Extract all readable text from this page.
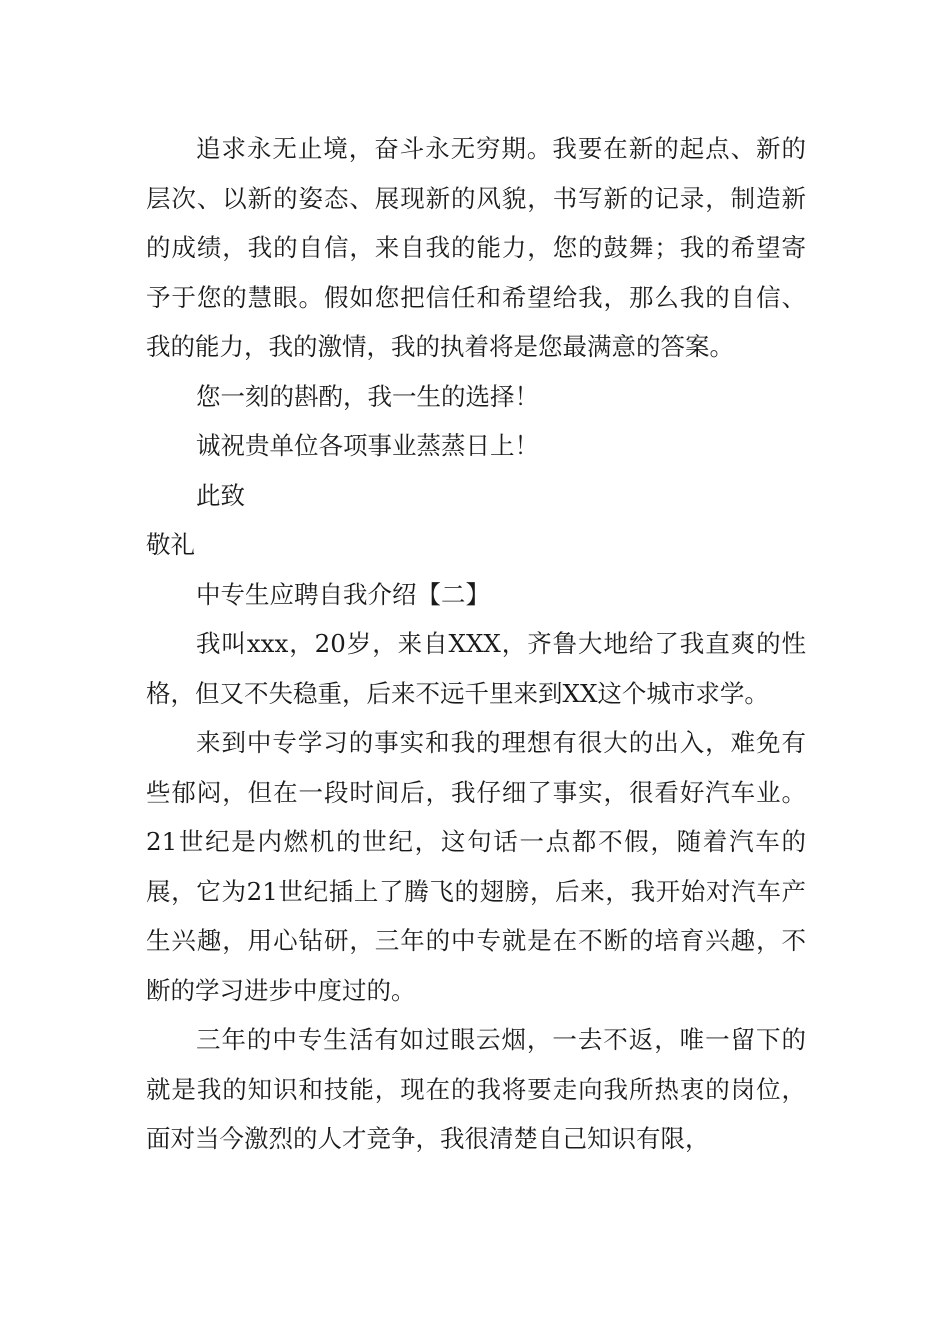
追求永无止境，奋斗永无穷期。我要在新的起点、新的层次、以新的姿态、展现新的风貌，书写新的记录，制造新的成绩，我的自信，来自我的能力，您的鼓舞；我的希望寄予于您的慧眼。假如您把信任和希望给我，那么我的自信、我的能力，我的激情，我的执着将是您最满意的答案。

您一刻的斟酌，我一生的选择！

诚祝贵单位各项事业蒸蒸日上！

此致

敬礼

中专生应聘自我介绍【二】

我叫xxx，20岁，来自XXX，齐鲁大地给了我直爽的性格，但又不失稳重，后来不远千里来到XX这个城市求学。

来到中专学习的事实和我的理想有很大的出入，难免有些郁闷，但在一段时间后，我仔细了事实，很看好汽车业。21世纪是内燃机的世纪，这句话一点都不假，随着汽车的展，它为21世纪插上了腾飞的翅膀，后来，我开始对汽车产生兴趣，用心钻研，三年的中专就是在不断的培育兴趣，不断的学习进步中度过的。

三年的中专生活有如过眼云烟，一去不返，唯一留下的就是我的知识和技能，现在的我将要走向我所热衷的岗位，面对当今激烈的人才竞争，我很清楚自己知识有限，
